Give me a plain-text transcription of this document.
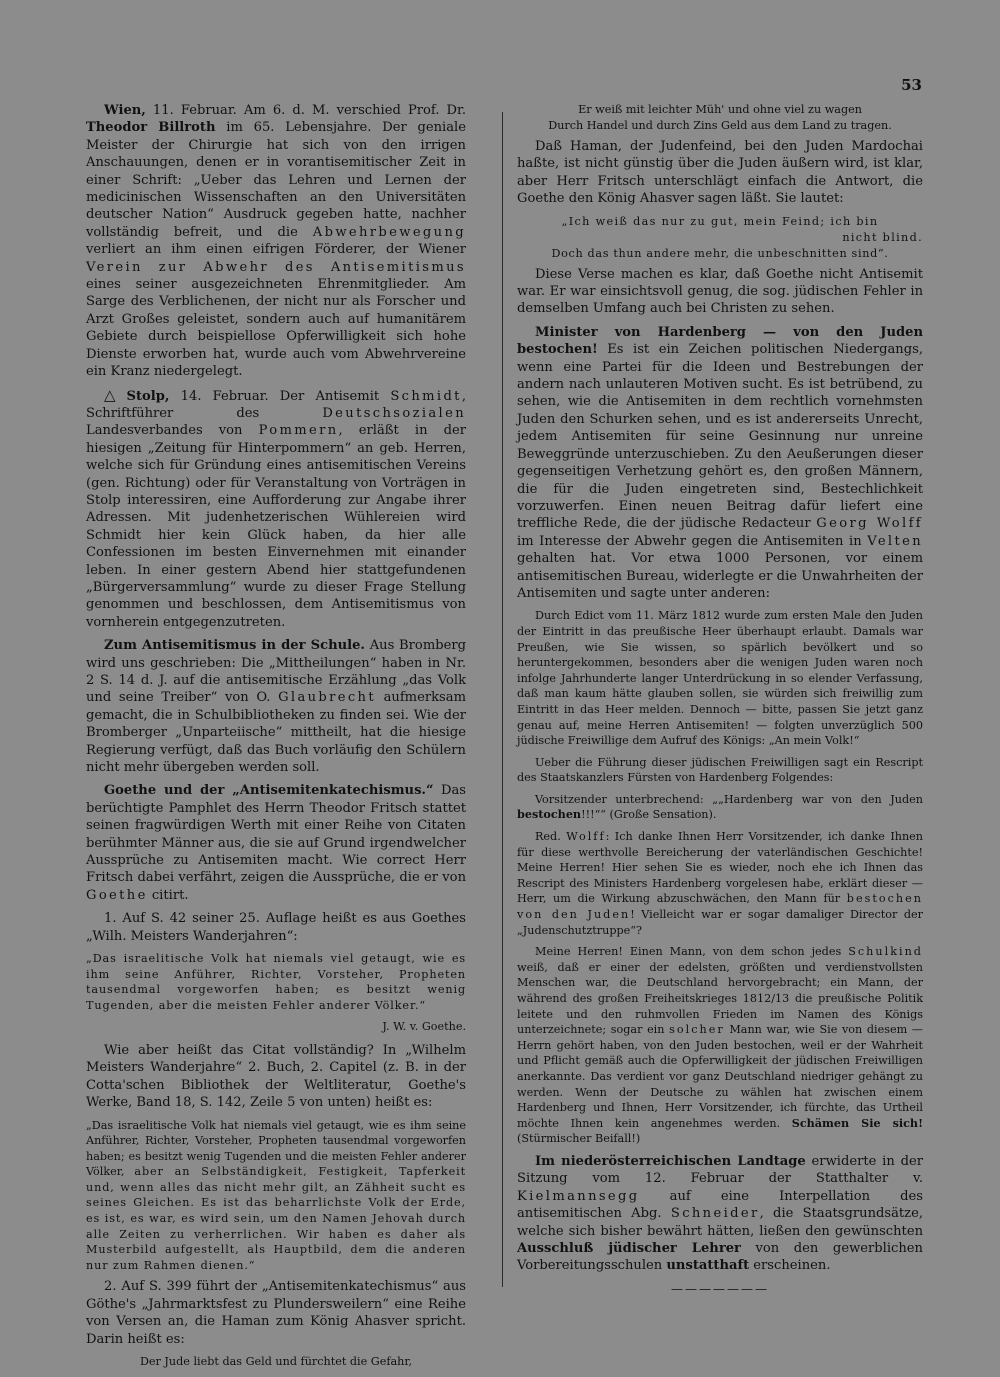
53

Wien, 11. Februar. Am 6. d. M. verschied Prof. Dr. Theodor Billroth im 65. Lebensjahre. Der geniale Meister der Chirurgie hat sich von den irrigen Anschauungen, denen er in vorantisemitischer Zeit in einer Schrift: „Ueber das Lehren und Lernen der medicinischen Wissenschaften an den Universitäten deutscher Nation“ Ausdruck gegeben hatte, nachher vollständig befreit, und die Abwehrbewegung verliert an ihm einen eifrigen Förderer, der Wiener Verein zur Abwehr des Antisemitismus eines seiner ausgezeichneten Ehrenmitglieder. Am Sarge des Verblichenen, der nicht nur als Forscher und Arzt Großes geleistet, sondern auch auf humanitärem Gebiete durch beispiellose Opferwilligkeit sich hohe Dienste erworben hat, wurde auch vom Abwehrvereine ein Kranz niedergelegt.

△ Stolp, 14. Februar. Der Antisemit Schmidt, Schriftführer des Deutschsozialen Landesverbandes von Pommern, erläßt in der hiesigen „Zeitung für Hinterpommern“ an geb. Herren, welche sich für Gründung eines antisemitischen Vereins (gen. Richtung) oder für Veranstaltung von Vorträgen in Stolp interessiren, eine Aufforderung zur Angabe ihrer Adressen. Mit judenhetzerischen Wühlereien wird Schmidt hier kein Glück haben, da hier alle Confessionen im besten Einvernehmen mit einander leben. In einer gestern Abend hier stattgefundenen „Bürgerversammlung“ wurde zu dieser Frage Stellung genommen und beschlossen, dem Antisemitismus von vornherein entgegenzutreten.

Zum Antisemitismus in der Schule. Aus Bromberg wird uns geschrieben: Die „Mittheilungen“ haben in Nr. 2 S. 14 d. J. auf die antisemitische Erzählung „das Volk und seine Treiber“ von O. Glaubrecht aufmerksam gemacht, die in Schulbibliotheken zu finden sei. Wie der Bromberger „Unparteiische“ mittheilt, hat die hiesige Regierung verfügt, daß das Buch vorläufig den Schülern nicht mehr übergeben werden soll.

Goethe und der „Antisemitenkatechismus.“ Das berüchtigte Pamphlet des Herrn Theodor Fritsch stattet seinen fragwürdigen Werth mit einer Reihe von Citaten berühmter Männer aus, die sie auf Grund irgendwelcher Aussprüche zu Antisemiten macht. Wie correct Herr Fritsch dabei verfährt, zeigen die Aussprüche, die er von Goethe citirt.

1. Auf S. 42 seiner 25. Auflage heißt es aus Goethes „Wilh. Meisters Wanderjahren“:

„Das israelitische Volk hat niemals viel getaugt, wie es ihm seine Anführer, Richter, Vorsteher, Propheten tausendmal vorgeworfen haben; es besitzt wenig Tugenden, aber die meisten Fehler anderer Völker.“

J. W. v. Goethe.

Wie aber heißt das Citat vollständig? In „Wilhelm Meisters Wanderjahre“ 2. Buch, 2. Capitel (z. B. in der Cotta'schen Bibliothek der Weltliteratur, Goethe's Werke, Band 18, S. 142, Zeile 5 von unten) heißt es:

„Das israelitische Volk hat niemals viel getaugt, wie es ihm seine Anführer, Richter, Vorsteher, Propheten tausendmal vorgeworfen haben; es besitzt wenig Tugenden und die meisten Fehler anderer Völker, aber an Selbständigkeit, Festigkeit, Tapferkeit und, wenn alles das nicht mehr gilt, an Zähheit sucht es seines Gleichen. Es ist das beharrlichste Volk der Erde, es ist, es war, es wird sein, um den Namen Jehovah durch alle Zeiten zu verherrlichen. Wir haben es daher als Musterbild aufgestellt, als Hauptbild, dem die anderen nur zum Rahmen dienen.“

2. Auf S. 399 führt der „Antisemitenkatechismus“ aus Göthe's „Jahrmarktsfest zu Plundersweilern“ eine Reihe von Versen an, die Haman zum König Ahasver spricht. Darin heißt es:

Der Jude liebt das Geld und fürchtet die Gefahr,

Er weiß mit leichter Müh' und ohne viel zu wagen

Durch Handel und durch Zins Geld aus dem Land zu tragen.

Daß Haman, der Judenfeind, bei den Juden Mardochai haßte, ist nicht günstig über die Juden äußern wird, ist klar, aber Herr Fritsch unterschlägt einfach die Antwort, die Goethe den König Ahasver sagen läßt. Sie lautet:

„Ich weiß das nur zu gut, mein Feind; ich bin

nicht blind.

Doch das thun andere mehr, die unbeschnitten sind“.

Diese Verse machen es klar, daß Goethe nicht Antisemit war. Er war einsichtsvoll genug, die sog. jüdischen Fehler in demselben Umfang auch bei Christen zu sehen.

Minister von Hardenberg — von den Juden bestochen! Es ist ein Zeichen politischen Niedergangs, wenn eine Partei für die Ideen und Bestrebungen der andern nach unlauteren Motiven sucht. Es ist betrübend, zu sehen, wie die Antisemiten in dem rechtlich vornehmsten Juden den Schurken sehen, und es ist andererseits Unrecht, jedem Antisemiten für seine Gesinnung nur unreine Beweggründe unterzuschieben. Zu den Aeußerungen dieser gegenseitigen Verhetzung gehört es, den großen Männern, die für die Juden eingetreten sind, Bestechlichkeit vorzuwerfen. Einen neuen Beitrag dafür liefert eine treffliche Rede, die der jüdische Redacteur Georg Wolff im Interesse der Abwehr gegen die Antisemiten in Velten gehalten hat. Vor etwa 1000 Personen, vor einem antisemitischen Bureau, widerlegte er die Unwahrheiten der Antisemiten und sagte unter anderen:

Durch Edict vom 11. März 1812 wurde zum ersten Male den Juden der Eintritt in das preußische Heer überhaupt erlaubt. Damals war Preußen, wie Sie wissen, so spärlich bevölkert und so heruntergekommen, besonders aber die wenigen Juden waren noch infolge Jahrhunderte langer Unterdrückung in so elender Verfassung, daß man kaum hätte glauben sollen, sie würden sich freiwillig zum Eintritt in das Heer melden. Dennoch — bitte, passen Sie jetzt ganz genau auf, meine Herren Antisemiten! — folgten unverzüglich 500 jüdische Freiwillige dem Aufruf des Königs: „An mein Volk!“

Ueber die Führung dieser jüdischen Freiwilligen sagt ein Rescript des Staatskanzlers Fürsten von Hardenberg Folgendes:

Vorsitzender unterbrechend: „„Hardenberg war von den Juden bestochen!!!““ (Große Sensation).

Red. Wolff: Ich danke Ihnen Herr Vorsitzender, ich danke Ihnen für diese werthvolle Bereicherung der vaterländischen Geschichte! Meine Herren! Hier sehen Sie es wieder, noch ehe ich Ihnen das Rescript des Ministers Hardenberg vorgelesen habe, erklärt dieser — Herr, um die Wirkung abzuschwächen, den Mann für bestochen von den Juden! Vielleicht war er sogar damaliger Director der „Judenschutztruppe“?

Meine Herren! Einen Mann, von dem schon jedes Schulkind weiß, daß er einer der edelsten, größten und verdienstvollsten Menschen war, die Deutschland hervorgebracht; ein Mann, der während des großen Freiheitskrieges 1812/13 die preußische Politik leitete und den ruhmvollen Frieden im Namen des Königs unterzeichnete; sogar ein solcher Mann war, wie Sie von diesem — Herrn gehört haben, von den Juden bestochen, weil er der Wahrheit und Pflicht gemäß auch die Opferwilligkeit der jüdischen Freiwilligen anerkannte. Das verdient vor ganz Deutschland niedriger gehängt zu werden. Wenn der Deutsche zu wählen hat zwischen einem Hardenberg und Ihnen, Herr Vorsitzender, ich fürchte, das Urtheil möchte Ihnen kein angenehmes werden. Schämen Sie sich! (Stürmischer Beifall!)

Im niederösterreichischen Landtage erwiderte in der Sitzung vom 12. Februar der Statthalter v. Kielmannsegg auf eine Interpellation des antisemitischen Abg. Schneider, die Staatsgrundsätze, welche sich bisher bewährt hätten, ließen den gewünschten Ausschluß jüdischer Lehrer von den gewerblichen Vorbereitungsschulen unstatthaft erscheinen.

———————
